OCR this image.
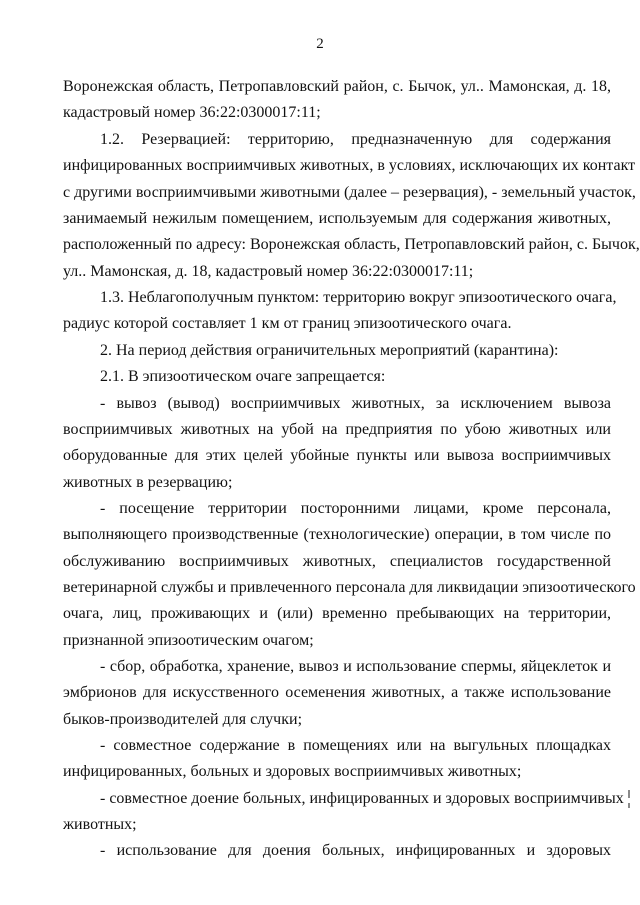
2
Воронежская область, Петропавловский район, с. Бычок, ул.. Мамонская, д. 18,
кадастровый номер 36:22:0300017:11;
1.2. Резервацией: территорию, предназначенную для содержания
инфицированных восприимчивых животных, в условиях, исключающих их контакт
с другими восприимчивыми животными (далее – резервация), - земельный участок,
занимаемый нежилым помещением, используемым для содержания животных,
расположенный по адресу: Воронежская область, Петропавловский район, с. Бычок,
ул.. Мамонская, д. 18, кадастровый номер 36:22:0300017:11;
1.3. Неблагополучным пунктом: территорию вокруг эпизоотического очага,
радиус которой составляет 1 км от границ эпизоотического очага.
2. На период действия ограничительных мероприятий (карантина):
2.1. В эпизоотическом очаге запрещается:
- вывоз (вывод) восприимчивых животных, за исключением вывоза
восприимчивых животных на убой на предприятия по убою животных или
оборудованные для этих целей убойные пункты или вывоза восприимчивых
животных в резервацию;
- посещение территории посторонними лицами, кроме персонала,
выполняющего производственные (технологические) операции, в том числе по
обслуживанию восприимчивых животных, специалистов государственной
ветеринарной службы и привлеченного персонала для ликвидации эпизоотического
очага, лиц, проживающих и (или) временно пребывающих на территории,
признанной эпизоотическим очагом;
- сбор, обработка, хранение, вывоз и использование спермы, яйцеклеток и
эмбрионов для искусственного осеменения животных, а также использование
быков-производителей для случки;
- совместное содержание в помещениях или на выгульных площадках
инфицированных, больных и здоровых восприимчивых животных;
- совместное доение больных, инфицированных и здоровых восприимчивых
животных;
- использование для доения больных, инфицированных и здоровых
